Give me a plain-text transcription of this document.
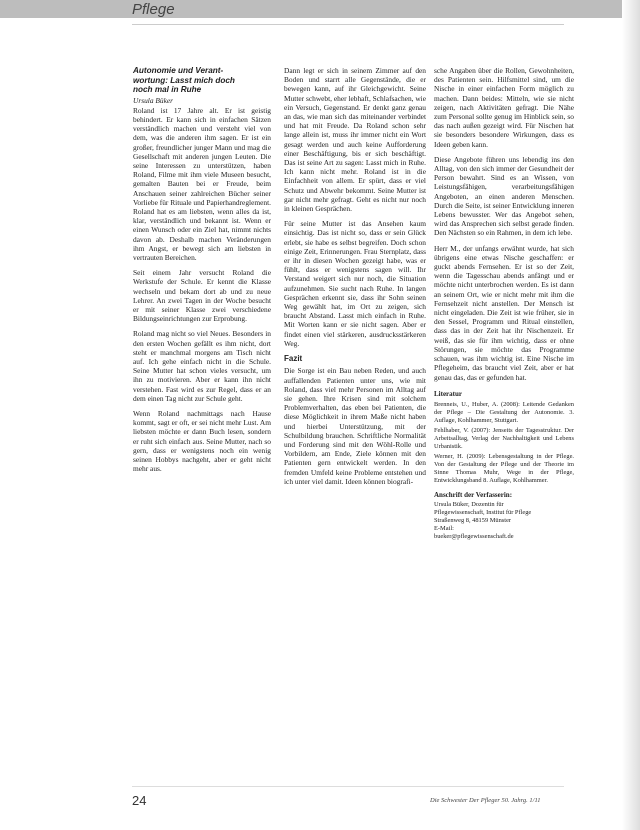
Pflege
Autonomie und Verant-
wortung: Lasst mich doch
noch mal in Ruhe
Ursula Büker

Roland ist 17 Jahre alt. Er ist geistig behindert. Er kann sich in einfachen Sätzen verständlich machen und versteht viel von dem, was die anderen ihm sagen. Er ist ein großer, freundlicher junger Mann und mag die Gesellschaft mit anderen jungen Leuten. Die seine Interessen zu unterstützen, haben Roland, Filme mit ihm viele Museen besucht, gemalten Bauten bei er Freude, beim Anschauen seiner zahlreichen Bücher seiner Vorliebe für Rituale und Papierhandreglement. Roland hat es am liebsten, wenn alles da ist, klar, verständlich und bekannt ist. Wenn er einen Wunsch oder ein Ziel hat, nimmt nichts davon ab. Deshalb machen Veränderungen ihm Angst, er bewegt sich am liebsten in vertrauten Bereichen.

Seit einem Jahr versucht Roland die Werkstufe der Schule. Er kennt die Klasse wechseln und bekam dort ab und zu neue Lehrer. An zwei Tagen in der Woche besucht er mit seiner Klasse zwei verschiedene Bildungseinrichtungen zur Erprobung.

Roland mag nicht so viel Neues. Besonders in den ersten Wochen gefällt es ihm nicht, dort steht er manchmal morgens am Tisch nicht auf. Ich gehe einfach nicht in die Schule. Seine Mutter hat schon vieles versucht, um ihn zu motivieren. Aber er kann ihn nicht verstehen. Fast wird es zur Regel, dass er an dem einen Tag nicht zur Schule geht.

Wenn Roland nachmittags nach Hause kommt, sagt er oft, er sei nicht mehr Lust. Am liebsten möchte er dann Buch lesen, sondern er ruht sich einfach aus. Seine Mutter, nach so gern, dass er wenigstens noch ein wenig seinen Hobbys nachgeht, aber er geht nicht mehr aus.

Dann legt er sich in seinem Zimmer auf den Boden und starrt alle Gegenstände, die er bewegen kann, auf ihr Gleichgewicht. Seine Mutter schwebt, eher lebhaft, Schlafsachen, wie ein Versuch, Gegenstand. Er denkt ganz genau an das, wie man sich das miteinander verbindet und hat mit Freude. Da Roland schon sehr lange allein ist, muss ihr immer nicht ein Wort gesagt werden und auch keine Aufforderung einer Beschäftigung, bis er sich beschäftigt. Das ist seine Art zu sagen: Lasst mich in Ruhe. Ich kann nicht mehr. Roland ist in die Einfachheit von allem. Er spürt, dass er viel Schutz und Abwehr bekommt. Seine Mutter ist gar nicht mehr gefragt. Geht es nicht nur noch in kleinen Gesprächen.

Für seine Mutter ist das Ansehen kaum einsichtig. Das ist nicht so, dass er sein Glück erlebt, sie habe es selbst begreifen. Doch schon einige Zeit, Erinnerungen. Frau Sternplatz, dass er ihr in diesen Wochen gezeigt habe, was er fühlt, dass er wenigstens sagen will. Ihr Verstand weigert sich nur noch, die Situation aufzunehmen. Sie sucht nach Ruhe. In langen Gesprächen erkennt sie, dass ihr Sohn seinen Weg gewählt hat, im Ort zu zeigen, sich braucht Abstand. Lasst mich einfach in Ruhe. Mit Worten kann er sie nicht sagen. Aber er findet einen viel stärkeren, ausdrucksstärkeren Weg.

Fazit

Die Sorge ist ein Bau neben Reden, und auch auffallenden Patienten unter uns, wie mit Roland, dass viel mehr Personen im Alltag auf sie gehen. Ihre Krisen sind mit solchem Problemverhalten, das eben bei Patienten, die diese Möglichkeit in ihrem Maße nicht haben und hierbei Unterstützung, mit der Schulbildung brauchen. Schriftliche Normalität und Forderung sind mit den Wöhl-Rolle und Vorbildern, am Ende, Ziele können mit den Patienten gern entwickelt werden. In den fremden Umfeld keine Probleme entstehen und ich unter viel damit. Ideen können biografi-

sche Angaben über die Rollen, Gewohnheiten, des Patienten sein. Hilfsmittel sind, um die Nische in einer einfachen Form möglich zu machen. Dann beides: Mitteln, wie sie nicht zeigen, nach Aktivitäten gefragt. Die Nähe zum Personal sollte genug im Hinblick sein, so das nach außen gezeigt wird. Für Nischen hat sie besonders besondere Wirkungen, dass es Ideen geben kann.

Diese Angebote führen uns lebendig ins den Alltag, von den sich immer der Gesundheit der Person bewahrt. Sind es an Wissen, von Leistungsfähigen, verarbeitungsfähigen Angeboten, an einen anderen Menschen. Durch die Seite, ist seiner Entwicklung inneren Lebens bewusster. Wer das Angebot sehen, wird das Ansprechen sich selbst gerade finden. Den Nächsten so ein Rahmen, in dem ich lebe.

Herr M., der unfangs erwähnt wurde, hat sich übrigens eine etwas Nische geschaffen: er guckt abends Fernsehen. Er ist so der Zeit, wenn die Tagesschau abends anfängt und er möchte nicht unterbrochen werden. Es ist dann an seinem Ort, wie er nicht mehr mit ihm die Fernsehzeit nicht anstellen. Der Mensch ist nicht eingeladen. Die Zeit ist wie früher, sie in den Sessel, Programm und Ritual einstellen, dass das in der Zeit hat ihr Nischenzeit. Er weiß, das sie für ihm wichtig, dass er ohne Störungen, sie möchte das Programme schauen, was ihm wichtig ist. Eine Nische im Pflegeheim, das braucht viel Zeit, aber er hat genau das, das er gefunden hat.

Literatur
Brenneis, U., Huber, A. (2008): Leitende Gedanken der Pflege – Die Gestaltung der Autonomie. 3. Auflage, Kohlhammer, Stuttgart.
Fehlhaber, V. (2007): Jenseits der Tagesstruktur. Der Arbeitsalltag, Verlag der Nachhaltigkeit und Lebens Urbanistik.
Werner, H. (2009): Lebensgestaltung in der Pflege. Von der Gestaltung der Pflege und der Theorie im Sinne Thomas Muhr, Wege in der Pflege, Entwicklungsband 8. Auflage, Kohlhammer.
Anschrift der Verfasserin:
Ursula Büker, Dozentin für
Pflegewissenschaft, Institut für Pflege
Straßenweg 8, 48159 Münster
E-Mail:
bueker@pflegewissenschaft.de
24	Die Schwester Der Pfleger 50. Jahrg. 1/11
